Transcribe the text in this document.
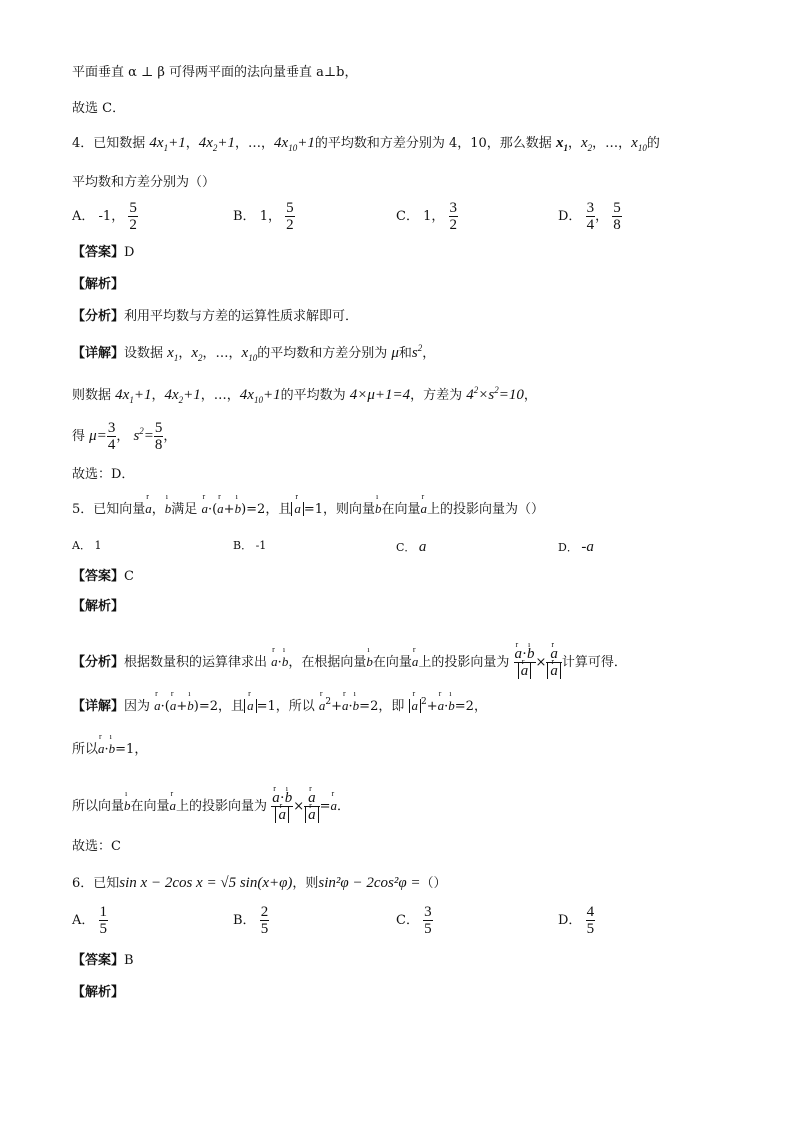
平面垂直 α ⊥ β 可得两平面的法向量垂直 a⊥b，
故选 C．
4．已知数据 $4x_1+1$，$4x_2+1$，…，$4x_{10}+1$的平均数和方差分别为 4，10，那么数据 $x_1$，$x_2$，…，$x_{10}$的
平均数和方差分别为（）
A． -1， $\frac{5}{2}$	B． 1， $\frac{5}{2}$	C． 1， $\frac{3}{2}$	D． $\frac{3}{4}$ ， $\frac{5}{8}$
【答案】D
【解析】
【分析】利用平均数与方差的运算性质求解即可．
【详解】设数据 $x_1$，$x_2$，…，$x_{10}$的平均数和方差分别为 μ和$s^2$，
则数据 $4x_1+1$，$4x_2+1$，…，$4x_{10}+1$的平均数为 4×μ+1=4，方差为 $4^2\times s^2=10$，
得 $\mu= \frac{3}{4}$ ， $s^2= \frac{5}{8}$ ，
故选：D．
5．已知向量r a，ı b满足 r a·(r a+ı b)=2，且 r a =1，则向量ı b在向量r a上的投影向量为（）
A． 1	B． -1	C． a	D． -a
【答案】C
【解析】
【分析】根据数量积的运算律求出 r a·ı b，在根据向量ı b在向量r a上的投影向量为 r a·ı b
r a × r a
r a 计算可得．
【详解】因为 r a·(r a+ı b)=2，且 r a =1，所以 r $a^2+r$ a·ı b=2，即 r a $^2$+r a·ı b=2，
所以r a·ı b=1，
所以向量ı b在向量r a上的投影向量为 r a·ı b
r a × r a
r a =r a．
故选：C
6．已知sin x − 2cos x = √5 sin(x+φ)，则sin²φ − 2cos²φ =（）
A． $\frac{1}{5}$	B． $\frac{2}{5}$	C． $\frac{3}{5}$	D． $\frac{4}{5}$
【答案】B
【解析】
